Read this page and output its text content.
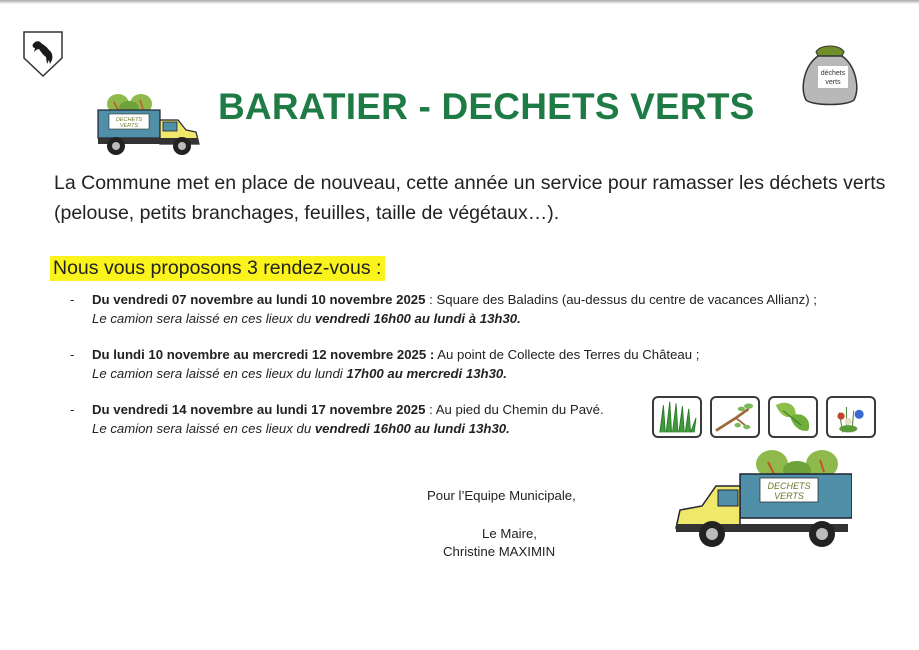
DECHETS
VERTS
déchets
verts
BARATIER - DECHETS VERTS
La Commune met en place de nouveau, cette année un service pour ramasser les déchets verts (pelouse, petits branchages, feuilles, taille de végétaux…).
Nous vous proposons 3 rendez-vous :
- Du vendredi 07 novembre au lundi 10 novembre 2025 : Square des Baladins (au-dessus du centre de vacances Allianz) ;
Le camion sera laissé en ces lieux du vendredi 16h00 au lundi à 13h30.
- Du lundi 10 novembre au mercredi 12 novembre 2025 : Au point de Collecte des Terres du Château ;
Le camion sera laissé en ces lieux du lundi 17h00 au mercredi 13h30.
- Du vendredi 14 novembre au lundi 17 novembre 2025 : Au pied du Chemin du Pavé.
Le camion sera laissé en ces lieux du vendredi 16h00 au lundi 13h30.
DECHETS
VERTS
Pour l’Equipe Municipale,
Le Maire,
Christine MAXIMIN
